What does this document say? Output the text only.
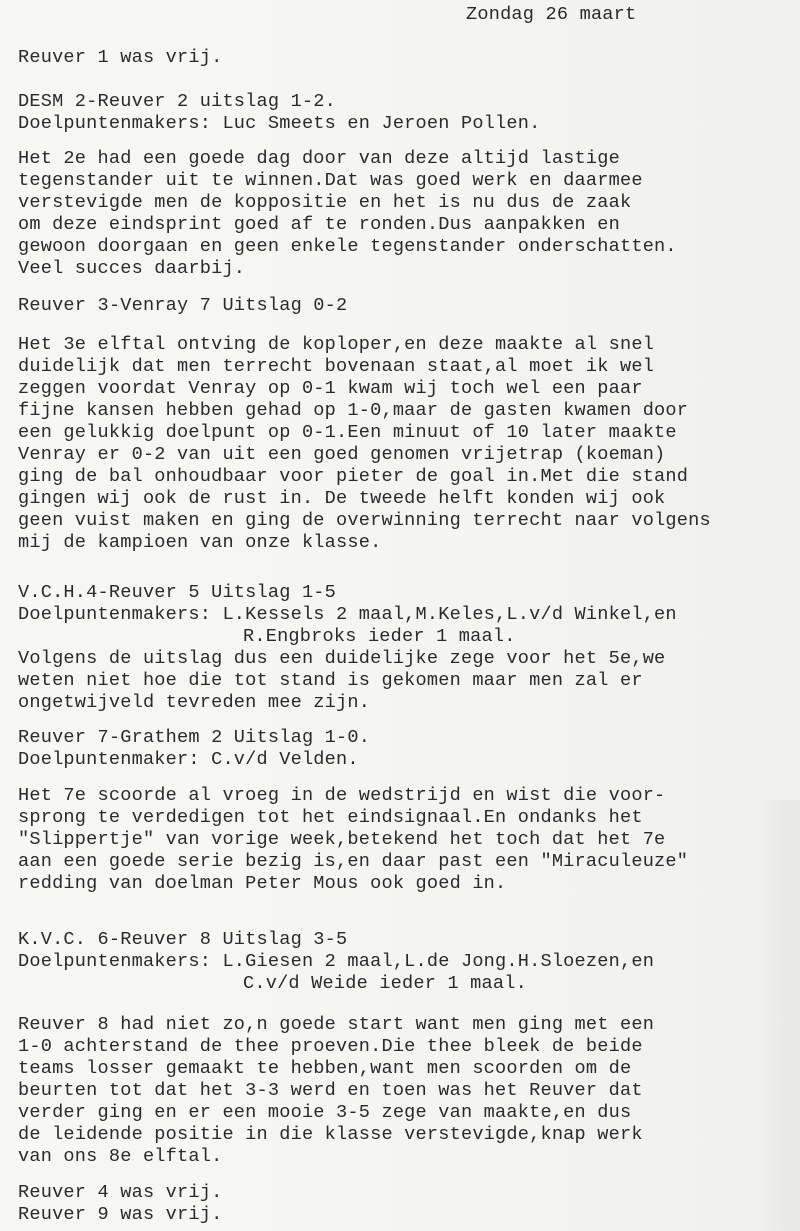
Zondag 26 maart
Reuver 1 was vrij.
DESM 2-Reuver 2 uitslag 1-2.
Doelpuntenmakers: Luc Smeets en Jeroen Pollen.
Het 2e had een goede dag door van deze altijd lastige
tegenstander uit te winnen.Dat was goed werk en daarmee
verstevigde men de koppositie en het is nu dus de zaak
om deze eindsprint goed af te ronden.Dus aanpakken en
gewoon doorgaan en geen enkele tegenstander onderschatten.
Veel succes daarbij.
Reuver 3-Venray 7 Uitslag 0-2
Het 3e elftal ontving de koploper,en deze maakte al snel
duidelijk dat men terrecht bovenaan staat,al moet ik wel
zeggen voordat Venray op 0-1 kwam wij toch wel een paar
fijne kansen hebben gehad op 1-0,maar de gasten kwamen door
een gelukkig doelpunt op 0-1.Een minuut of 10 later maakte
Venray er 0-2 van uit een goed genomen vrijetrap (koeman)
ging de bal onhoudbaar voor pieter de goal in.Met die stand
gingen wij ook de rust in. De tweede helft konden wij ook
geen vuist maken en ging de overwinning terrecht naar volgens
mij de kampioen van onze klasse.
V.C.H.4-Reuver 5 Uitslag 1-5
Doelpuntenmakers: L.Kessels 2 maal,M.Keles,L.v/d Winkel,en
R.Engbroks ieder 1 maal.
Volgens de uitslag dus een duidelijke zege voor het 5e,we
weten niet hoe die tot stand is gekomen maar men zal er
ongetwijveld tevreden mee zijn.
Reuver 7-Grathem 2 Uitslag 1-0.
Doelpuntenmaker: C.v/d Velden.
Het 7e scoorde al vroeg in de wedstrijd en wist die voor-
sprong te verdedigen tot het eindsignaal.En ondanks het
"Slippertje" van vorige week,betekend het toch dat het 7e
aan een goede serie bezig is,en daar past een "Miraculeuze"
redding van doelman Peter Mous ook goed in.
K.V.C. 6-Reuver 8 Uitslag 3-5
Doelpuntenmakers: L.Giesen 2 maal,L.de Jong.H.Sloezen,en
C.v/d Weide ieder 1 maal.
Reuver 8 had niet zo,n goede start want men ging met een
1-0 achterstand de thee proeven.Die thee bleek de beide
teams losser gemaakt te hebben,want men scoorden om de
beurten tot dat het 3-3 werd en toen was het Reuver dat
verder ging en er een mooie 3-5 zege van maakte,en dus
de leidende positie in die klasse verstevigde,knap werk
van ons 8e elftal.
Reuver 4 was vrij.
Reuver 9 was vrij.
